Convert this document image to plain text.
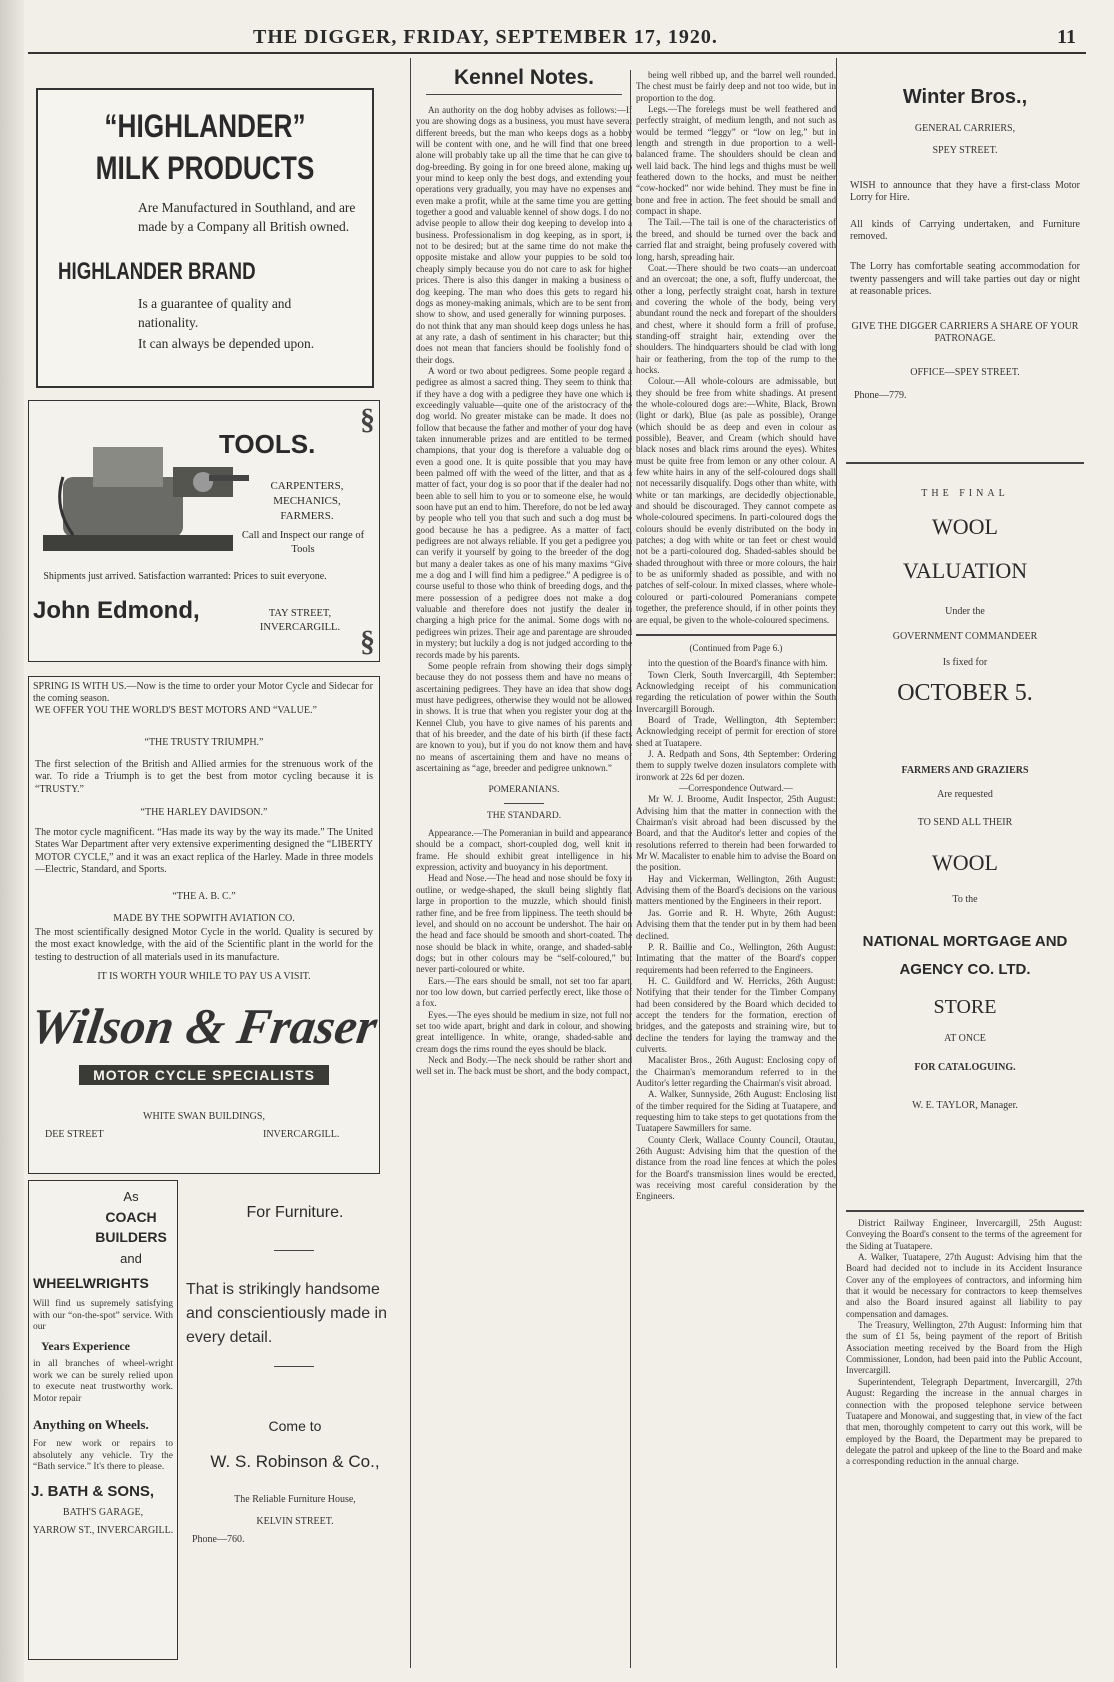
THE DIGGER, FRIDAY, SEPTEMBER 17, 1920.	11
“HIGHLANDER”
MILK PRODUCTS
Are Manufactured in Southland, and are made by a Company all British owned.
HIGHLANDER BRAND
Is a guarantee of quality and nationality.
It can always be depended upon.
TOOLS.
CARPENTERS, MECHANICS, FARMERS.
Call and Inspect our range of Tools
Shipments just arrived. Satisfaction warranted: Prices to suit everyone.
John Edmond,	TAY STREET, INVERCARGILL.
§
§
SPRING IS WITH US.—Now is the time to order your Motor Cycle and Sidecar for the coming season.
WE OFFER YOU THE WORLD'S BEST MOTORS AND “VALUE.”
“THE TRUSTY TRIUMPH.”
The first selection of the British and Allied armies for the strenuous work of the war. To ride a Triumph is to get the best from motor cycling because it is “TRUSTY.”
“THE HARLEY DAVIDSON.”
The motor cycle magnificent. “Has made its way by the way its made.” The United States War Department after very extensive experimenting designed the “LIBERTY MOTOR CYCLE,” and it was an exact replica of the Harley. Made in three models—Electric, Standard, and Sports.
“THE A. B. C.”
MADE BY THE SOPWITH AVIATION CO.
The most scientifically designed Motor Cycle in the world. Quality is secured by the most exact knowledge, with the aid of the Scientific plant in the world for the testing to destruction of all materials used in its manufacture.
IT IS WORTH YOUR WHILE TO PAY US A VISIT.
Wilson & Fraser
MOTOR CYCLE SPECIALISTS
WHITE SWAN BUILDINGS,
DEE STREET	INVERCARGILL.
As
COACH
BUILDERS
and
WHEELWRIGHTS
Will find us supremely satisfying with our “on-the-spot” service. With our
Years Experience
in all branches of wheel-wright work we can be surely relied upon to execute neat trustworthy work. Motor repair
Anything on Wheels.
For new work or repairs to absolutely any vehicle. Try the “Bath service.” It's there to please.
J. BATH & SONS,
BATH'S GARAGE,
YARROW ST., INVERCARGILL.
For Furniture.
That is strikingly handsome and conscientiously made in every detail.
Come to
W. S. Robinson & Co.,
The Reliable Furniture House,
KELVIN STREET.
Phone—760.
Kennel Notes.

An authority on the dog hobby advises as follows:—If you are showing dogs as a business, you must have several different breeds, but the man who keeps dogs as a hobby will be content with one, and he will find that one breed alone will probably take up all the time that he can give to dog-breeding. By going in for one breed alone, making up your mind to keep only the best dogs, and extending your operations very gradually, you may have no expenses and even make a profit, while at the same time you are getting together a good and valuable kennel of show dogs. I do not advise people to allow their dog keeping to develop into a business. Professionalism in dog keeping, as in sport, is not to be desired; but at the same time do not make the opposite mistake and allow your puppies to be sold too cheaply simply because you do not care to ask for higher prices. There is also this danger in making a business of dog keeping. The man who does this gets to regard his dogs as money-making animals, which are to be sent from show to show, and used generally for winning purposes. I do not think that any man should keep dogs unless he has, at any rate, a dash of sentiment in his character; but this does not mean that fanciers should be foolishly fond of their dogs.

A word or two about pedigrees. Some people regard a pedigree as almost a sacred thing. They seem to think that if they have a dog with a pedigree they have one which is exceedingly valuable—quite one of the aristocracy of the dog world. No greater mistake can be made. It does not follow that because the father and mother of your dog have taken innumerable prizes and are entitled to be termed champions, that your dog is therefore a valuable dog or even a good one. It is quite possible that you may have been palmed off with the weed of the litter, and that as a matter of fact, your dog is so poor that if the dealer had not been able to sell him to you or to someone else, he would soon have put an end to him. Therefore, do not be led away by people who tell you that such and such a dog must be good because he has a pedigree. As a matter of fact, pedigrees are not always reliable. If you get a pedigree you can verify it yourself by going to the breeder of the dog; but many a dealer takes as one of his many maxims “Give me a dog and I will find him a pedigree.” A pedigree is of course useful to those who think of breeding dogs, and the mere possession of a pedigree does not make a dog valuable and therefore does not justify the dealer in charging a high price for the animal. Some dogs with no pedigrees win prizes. Their age and parentage are shrouded in mystery; but luckily a dog is not judged according to the records made by his parents.

Some people refrain from showing their dogs simply because they do not possess them and have no means of ascertaining pedigrees. They have an idea that show dogs must have pedigrees, otherwise they would not be allowed in shows. It is true that when you register your dog at the Kennel Club, you have to give names of his parents and that of his breeder, and the date of his birth (if these facts are known to you), but if you do not know them and have no means of ascertaining them and have no means of ascertaining as “age, breeder and pedigree unknown.”

POMERANIANS.
THE STANDARD.

Appearance.—The Pomeranian in build and appearance should be a compact, short-coupled dog, well knit in frame. He should exhibit great intelligence in his expression, activity and buoyancy in his deportment.

Head and Nose.—The head and nose should be foxy in outline, or wedge-shaped, the skull being slightly flat, large in proportion to the muzzle, which should finish rather fine, and be free from lippiness. The teeth should be level, and should on no account be undershot. The hair on the head and face should be smooth and short-coated. The nose should be black in white, orange, and shaded-sable dogs; but in other colours may be “self-coloured,” but never parti-coloured or white.

Ears.—The ears should be small, not set too far apart, nor too low down, but carried perfectly erect, like those of a fox.

Eyes.—The eyes should be medium in size, not full nor set too wide apart, bright and dark in colour, and showing great intelligence. In white, orange, shaded-sable and cream dogs the rims round the eyes should be black.

Neck and Body.—The neck should be rather short and well set in. The back must be short, and the body compact,

being well ribbed up, and the barrel well rounded. The chest must be fairly deep and not too wide, but in proportion to the dog.

Legs.—The forelegs must be well feathered and perfectly straight, of medium length, and not such as would be termed “leggy” or “low on leg,” but in length and strength in due proportion to a well-balanced frame. The shoulders should be clean and well laid back. The hind legs and thighs must be well feathered down to the hocks, and must be neither “cow-hocked” nor wide behind. They must be fine in bone and free in action. The feet should be small and compact in shape.

The Tail.—The tail is one of the characteristics of the breed, and should be turned over the back and carried flat and straight, being profusely covered with long, harsh, spreading hair.

Coat.—There should be two coats—an undercoat and an overcoat; the one, a soft, fluffy undercoat, the other a long, perfectly straight coat, harsh in texture and covering the whole of the body, being very abundant round the neck and forepart of the shoulders and chest, where it should form a frill of profuse, standing-off straight hair, extending over the shoulders. The hindquarters should be clad with long hair or feathering, from the top of the rump to the hocks.

Colour.—All whole-colours are admissable, but they should be free from white shadings. At present the whole-coloured dogs are:—White, Black, Brown (light or dark), Blue (as pale as possible), Orange (which should be as deep and even in colour as possible), Beaver, and Cream (which should have black noses and black rims around the eyes). Whites must be quite free from lemon or any other colour. A few white hairs in any of the self-coloured dogs shall not necessarily disqualify. Dogs other than white, with white or tan markings, are decidedly objectionable, and should be discouraged. They cannot compete as whole-coloured specimens. In parti-coloured dogs the colours should be evenly distributed on the body in patches; a dog with white or tan feet or chest would not be a parti-coloured dog. Shaded-sables should be shaded throughout with three or more colours, the hair to be as uniformly shaded as possible, and with no patches of self-colour. In mixed classes, where whole-coloured or parti-coloured Pomeranians compete together, the preference should, if in other points they are equal, be given to the whole-coloured specimens.

(Continued from Page 6.)

into the question of the Board's finance with him.

Town Clerk, South Invercargill, 4th September: Acknowledging receipt of his communication regarding the reticulation of power within the South Invercargill Borough.

Board of Trade, Wellington, 4th September: Acknowledging receipt of permit for erection of store shed at Tuatapere.

J. A. Redpath and Sons, 4th September: Ordering them to supply twelve dozen insulators complete with ironwork at 22s 6d per dozen.

—Correspondence Outward.—

Mr W. J. Broome, Audit Inspector, 25th August: Advising him that the matter in connection with the Chairman's visit abroad had been discussed by the Board, and that the Auditor's letter and copies of the resolutions referred to therein had been forwarded to Mr W. Macalister to enable him to advise the Board on the position.

Hay and Vickerman, Wellington, 26th August: Advising them of the Board's decisions on the various matters mentioned by the Engineers in their report.

Jas. Gorrie and R. H. Whyte, 26th August: Advising them that the tender put in by them had been declined.

P. R. Baillie and Co., Wellington, 26th August: Intimating that the matter of the Board's copper requirements had been referred to the Engineers.

H. C. Guildford and W. Herricks, 26th August: Notifying that their tender for the Timber Company had been considered by the Board which decided to accept the tenders for the formation, erection of bridges, and the gateposts and straining wire, but to decline the tenders for laying the tramway and the culverts.

Macalister Bros., 26th August: Enclosing copy of the Chairman's memorandum referred to in the Auditor's letter regarding the Chairman's visit abroad.

A. Walker, Sunnyside, 26th August: Enclosing list of the timber required for the Siding at Tuatapere, and requesting him to take steps to get quotations from the Tuatapere Sawmillers for same.

County Clerk, Wallace County Council, Otautau, 26th August: Advising him that the question of the distance from the road line fences at which the poles for the Board's transmission lines would be erected, was receiving most careful consideration by the Engineers.

Winter Bros.,
GENERAL CARRIERS,
SPEY STREET.
WISH to announce that they have a first-class Motor Lorry for Hire.
All kinds of Carrying undertaken, and Furniture removed.
The Lorry has comfortable seating accommodation for twenty passengers and will take parties out day or night at reasonable prices.
GIVE THE DIGGER CARRIERS A SHARE OF YOUR PATRONAGE.
OFFICE—SPEY STREET.
Phone—779.
THE FINAL
WOOL
VALUATION
Under the
GOVERNMENT COMMANDEER
Is fixed for
OCTOBER 5.
FARMERS AND GRAZIERS
Are requested
TO SEND ALL THEIR
WOOL
To the
NATIONAL MORTGAGE AND AGENCY CO. LTD.
STORE
AT ONCE
FOR CATALOGUING.
W. E. TAYLOR, Manager.

District Railway Engineer, Invercargill, 25th August: Conveying the Board's consent to the terms of the agreement for the Siding at Tuatapere.

A. Walker, Tuatapere, 27th August: Advising him that the Board had decided not to include in its Accident Insurance Cover any of the employees of contractors, and informing him that it would be necessary for contractors to keep themselves and also the Board insured against all liability to pay compensation and damages.

The Treasury, Wellington, 27th August: Informing him that the sum of £1 5s, being payment of the report of British Association meeting received by the Board from the High Commissioner, London, had been paid into the Public Account, Invercargill.

Superintendent, Telegraph Department, Invercargill, 27th August: Regarding the increase in the annual charges in connection with the proposed telephone service between Tuatapere and Monowai, and suggesting that, in view of the fact that men, thoroughly competent to carry out this work, will be employed by the Board, the Department may be prepared to delegate the patrol and upkeep of the line to the Board and make a corresponding reduction in the annual charge.
